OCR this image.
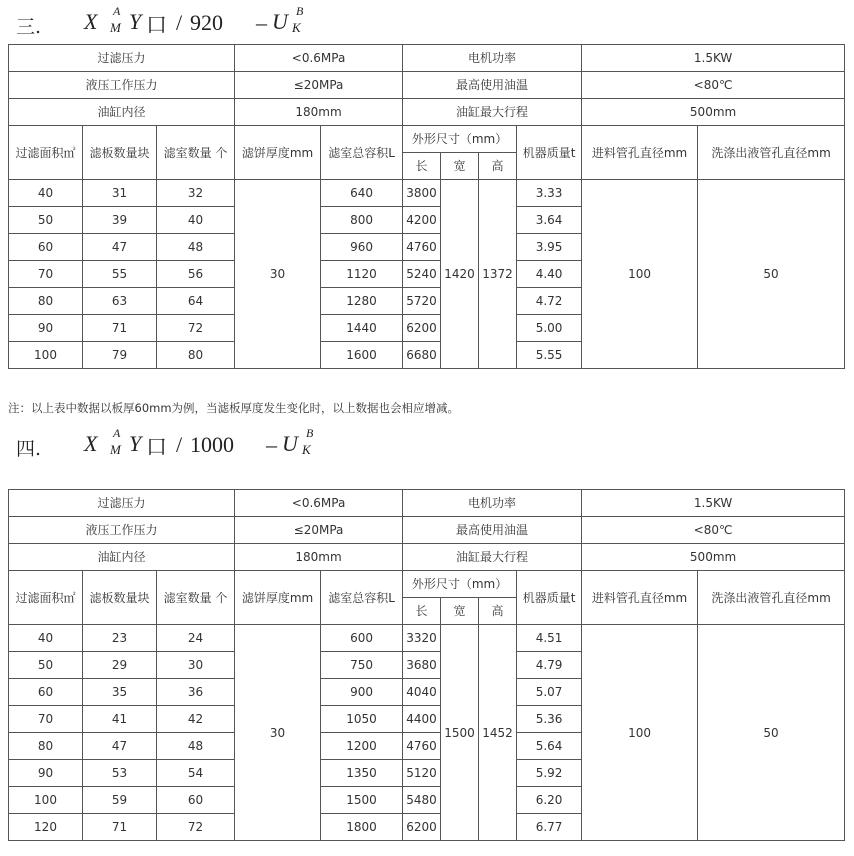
三. X A
M Y 口 / 920 – U B
K
过滤压力			<0.6MPa		电机功率				1.5KW	
液压工作压力			≤20MPa		最高使用油温				<80℃	
油缸内径			180mm		油缸最大行程				500mm	
过滤面积㎡	滤板数量块	滤室数量 个	滤饼厚度mm	滤室总容积L	外形尺寸（mm）			机器质量t	进料管孔直径mm	洗涤出液管孔直径mm
					长	宽	高			
40	31	32	30	640	3800	1420	1372	3.33	100	50
50	39	40		800	4200			3.64		
60	47	48		960	4760			3.95		
70	55	56		1120	5240			4.40		
80	63	64		1280	5720			4.72		
90	71	72		1440	6200			5.00		
100	79	80		1600	6680			5.55		
注：以上表中数据以板厚60mm为例，当滤板厚度发生变化时，以上数据也会相应增减。
四. X A
M Y 口 / 1000 – U B
K
过滤压力			<0.6MPa		电机功率				1.5KW	
液压工作压力			≤20MPa		最高使用油温				<80℃	
油缸内径			180mm		油缸最大行程				500mm	
过滤面积㎡	滤板数量块	滤室数量 个	滤饼厚度mm	滤室总容积L	外形尺寸（mm）			机器质量t	进料管孔直径mm	洗涤出液管孔直径mm
					长	宽	高			
40	23	24	30	600	3320	1500	1452	4.51	100	50
50	29	30		750	3680			4.79		
60	35	36		900	4040			5.07		
70	41	42		1050	4400			5.36		
80	47	48		1200	4760			5.64		
90	53	54		1350	5120			5.92		
100	59	60		1500	5480			6.20		
120	71	72		1800	6200			6.77		
